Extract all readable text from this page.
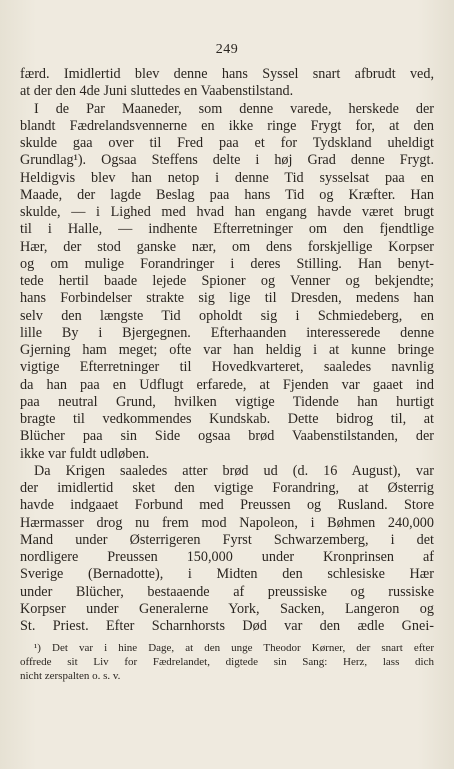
249
færd. Imidlertid blev denne hans Syssel snart afbrudt ved,
at der den 4de Juni sluttedes en Vaabenstilstand.
I de Par Maaneder, som denne varede, herskede der
blandt Fædrelandsvennerne en ikke ringe Frygt for, at den
skulde gaa over til Fred paa et for Tydskland uheldigt
Grundlag¹). Ogsaa Steffens delte i høj Grad denne Frygt.
Heldigvis blev han netop i denne Tid sysselsat paa en
Maade, der lagde Beslag paa hans Tid og Kræfter. Han
skulde, — i Lighed med hvad han engang havde været brugt
til i Halle, — indhente Efterretninger om den fjendtlige
Hær, der stod ganske nær, om dens forskjellige Korpser
og om mulige Forandringer i deres Stilling. Han benyt-
tede hertil baade lejede Spioner og Venner og bekjendte;
hans Forbindelser strakte sig lige til Dresden, medens han
selv den længste Tid opholdt sig i Schmiedeberg, en
lille By i Bjergegnen. Efterhaanden interesserede denne
Gjerning ham meget; ofte var han heldig i at kunne bringe
vigtige Efterretninger til Hovedkvarteret, saaledes navnlig
da han paa en Udflugt erfarede, at Fjenden var gaaet ind
paa neutral Grund, hvilken vigtige Tidende han hurtigt
bragte til vedkommendes Kundskab. Dette bidrog til, at
Blücher paa sin Side ogsaa brød Vaabenstilstanden, der
ikke var fuldt udløben.
Da Krigen saaledes atter brød ud (d. 16 August), var
der imidlertid sket den vigtige Forandring, at Østerrig
havde indgaaet Forbund med Preussen og Rusland. Store
Hærmasser drog nu frem mod Napoleon, i Bøhmen 240,000
Mand under Østerrigeren Fyrst Schwarzemberg, i det
nordligere Preussen 150,000 under Kronprinsen af
Sverige (Bernadotte), i Midten den schlesiske Hær
under Blücher, bestaaende af preussiske og russiske
Korpser under Generalerne York, Sacken, Langeron og
St. Priest. Efter Scharnhorsts Død var den ædle Gnei-
¹) Det var i hine Dage, at den unge Theodor Kørner, der snart efter
offrede sit Liv for Fædrelandet, digtede sin Sang: Herz, lass dich
nicht zerspalten o. s. v.
